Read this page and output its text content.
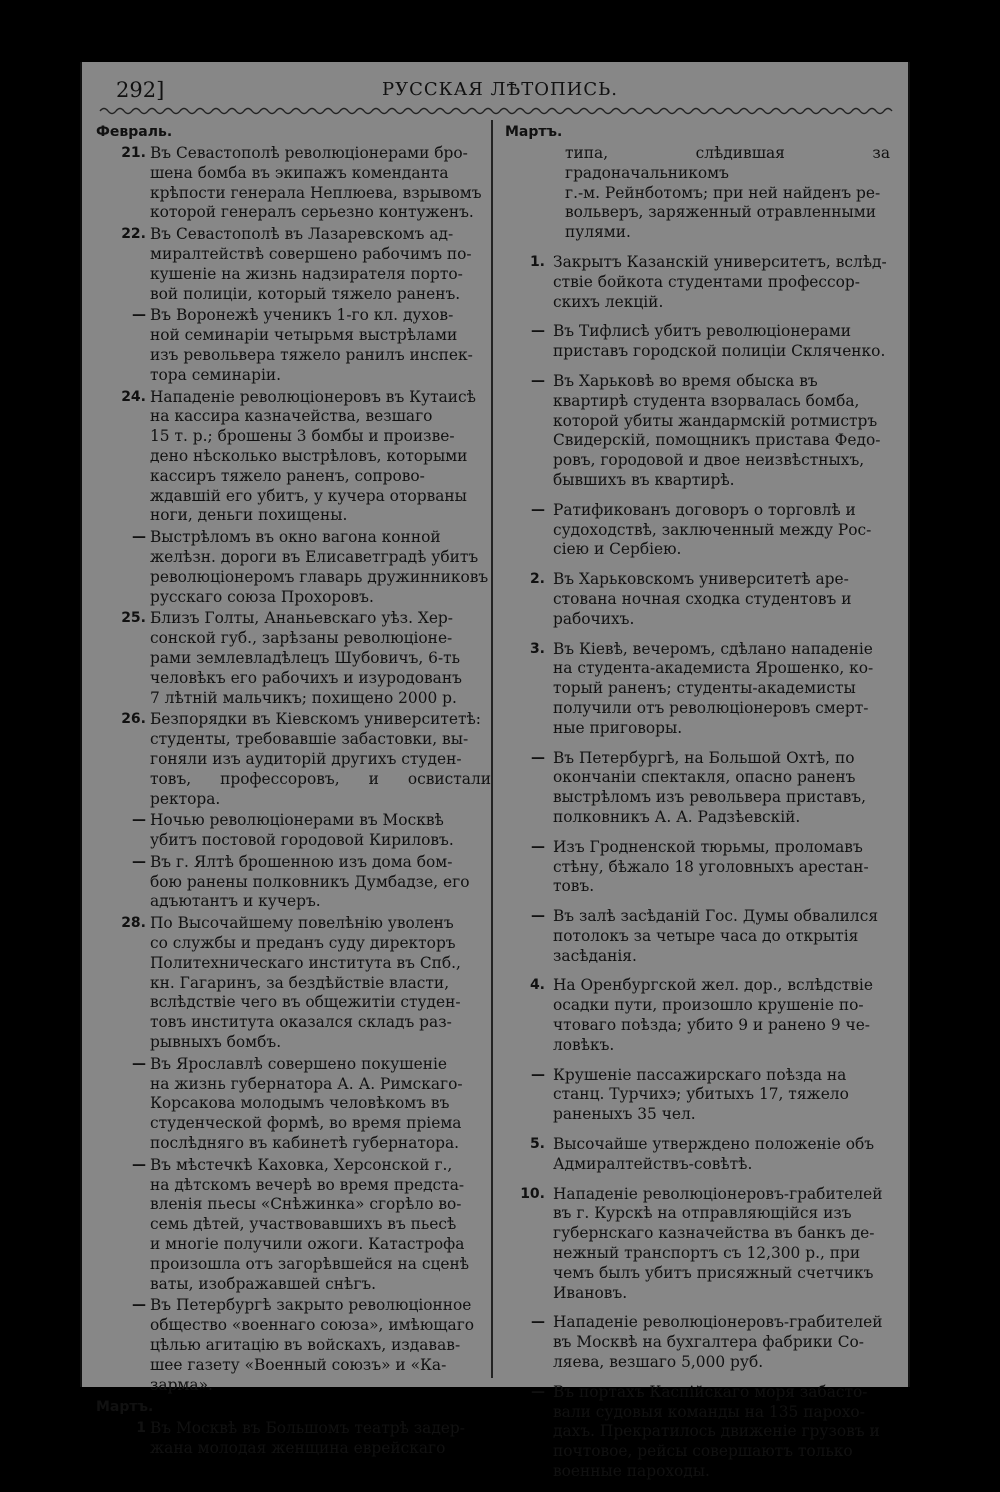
292]	РУССКАЯ ЛѢТОПИСЬ.
Февраль.
21. Въ Севастополѣ революціонерами бро-
шена бомба въ экипажъ коменданта
крѣпости генерала Неплюева, взрывомъ
которой генералъ серьезно контуженъ.
22. Въ Севастополѣ въ Лазаревскомъ ад-
миралтействѣ совершено рабочимъ по-
кушеніе на жизнь надзирателя портo-
вой полиціи, который тяжело раненъ.
— Въ Воронежѣ ученикъ 1-го кл. духов-
ной семинаріи четырьмя выстрѣлами
изъ револьвера тяжело ранилъ инспек-
тора семинаріи.
24. Нападеніе революціонеровъ въ Кутаисѣ
на кассира казначейства, везшаго
15 т. р.; брошены 3 бомбы и произве-
дено нѣсколько выстрѣловъ, которыми
кассиръ тяжело раненъ, сопрово-
ждавшій его убитъ, у кучера оторваны
ноги, деньги похищены.
— Выстрѣломъ въ окно вагона конной
желѣзн. дороги въ Елисаветградѣ убитъ
революціонеромъ главарь дружинниковъ
русскаго союза Прохоровъ.
25. Близъ Голты, Ананьевскаго уѣз. Хер-
сонской губ., зарѣзаны революціоне-
рами землевладѣлецъ Шубовичъ, 6-ть
человѣкъ его рабочихъ и изуродованъ
7 лѣтній мальчикъ; похищено 2000 р.
26. Безпорядки въ Кіевскомъ университетѣ:
студенты, требовавшіе забастовки, вы-
гоняли изъ аудиторій другихъ студен-
товъ, профессоровъ, и освистали ректора.
— Ночью революціонерами въ Москвѣ
убитъ постовой городовой Кириловъ.
— Въ г. Ялтѣ брошенною изъ дома бом-
бою ранены полковникъ Думбадзе, его
адъютантъ и кучеръ.
28. По Высочайшему повелѣнію уволенъ
со службы и преданъ суду директоръ
Политехническаго института въ Спб.,
кн. Гагаринъ, за бездѣйствіе власти,
вслѣдствіе чего въ общежитіи студен-
товъ института оказался складъ раз-
рывныхъ бомбъ.
— Въ Ярославлѣ совершено покушеніе
на жизнь губернатора А. А. Римскаго-
Корсакова молодымъ человѣкомъ въ
студенческой формѣ, во время пріема
послѣдняго въ кабинетѣ губернатора.
— Въ мѣстечкѣ Каховка, Херсонской г.,
на дѣтскомъ вечерѣ во время предста-
вленія пьесы «Снѣжинка» сгорѣло во-
семь дѣтей, участвовавшихъ въ пьесѣ
и многіе получили ожоги. Катастрофа
произошла отъ загорѣвшейся на сценѣ
ваты, изображавшей снѣгъ.
— Въ Петербургѣ закрыто революціонное
общество «военнаго союза», имѣющаго
цѣлью агитацію въ войскахъ, издавав-
шее газету «Военный союзъ» и «Ка-
зарма».
Мартъ.
1 Въ Москвѣ въ Большомъ театрѣ задер-
жана молодая женщина еврейскаго
Мартъ.
типа, слѣдившая за градоначальникомъ
г.-м. Рейнботомъ; при ней найденъ ре-
вольверъ, заряженный отравленными
пулями.
1. Закрытъ Казанскій университетъ, вслѣд-
ствіе бойкота студентами профессор-
скихъ лекцій.
— Въ Тифлисѣ убитъ революціонерами
приставъ городской полиціи Скляченко.
— Въ Харьковѣ во время обыска въ
квартирѣ студента взорвалась бомба,
которой убиты жандармскій ротмистръ
Свидерскій, помощникъ пристава Федо-
ровъ, городовой и двое неизвѣстныхъ,
бывшихъ въ квартирѣ.
— Ратификованъ договоръ о торговлѣ и
судоходствѣ, заключенный между Рос-
сіею и Сербіею.
2. Въ Харьковскомъ университетѣ аре-
стована ночная сходка студентовъ и
рабочихъ.
3. Въ Кіевѣ, вечеромъ, сдѣлано нападеніе
на студента-академиста Ярошенко, ко-
торый раненъ; студенты-академисты
получили отъ революціонеровъ смерт-
ные приговоры.
— Въ Петербургѣ, на Большой Охтѣ, по
окончаніи спектакля, опасно раненъ
выстрѣломъ изъ револьвера приставъ,
полковникъ А. А. Радзѣевскій.
— Изъ Гродненской тюрьмы, проломавъ
стѣну, бѣжало 18 уголовныхъ арестан-
товъ.
— Въ залѣ засѣданій Гос. Думы обвалился
потолокъ за четыре часа до открытія
засѣданія.
4. На Оренбургской жел. дор., вслѣдствіе
осадки пути, произошло крушеніе по-
чтоваго поѣзда; убито 9 и ранено 9 че-
ловѣкъ.
— Крушеніе пассажирскаго поѣзда на
станц. Турчихэ; убитыхъ 17, тяжело
раненыхъ 35 чел.
5. Высочайше утверждено положеніе объ
Адмиралтействъ-совѣтѣ.
10. Нападеніе революціонеровъ-грабителей
въ г. Курскѣ на отправляющійся изъ
губернскаго казначейства въ банкъ де-
нежный транспортъ съ 12,300 р., при
чемъ былъ убитъ присяжный счетчикъ
Ивановъ.
— Нападеніе революціонеровъ-грабителей
въ Москвѣ на бухгалтера фабрики Со-
ляева, везшаго 5,000 руб.
— Въ портахъ Каспійскаго моря забасто-
вали судовыя команды на 135 парохо-
дахъ. Прекратилось движеніе грузовъ и
почтовое, рейсы совершаютъ только
военные пароходы.
